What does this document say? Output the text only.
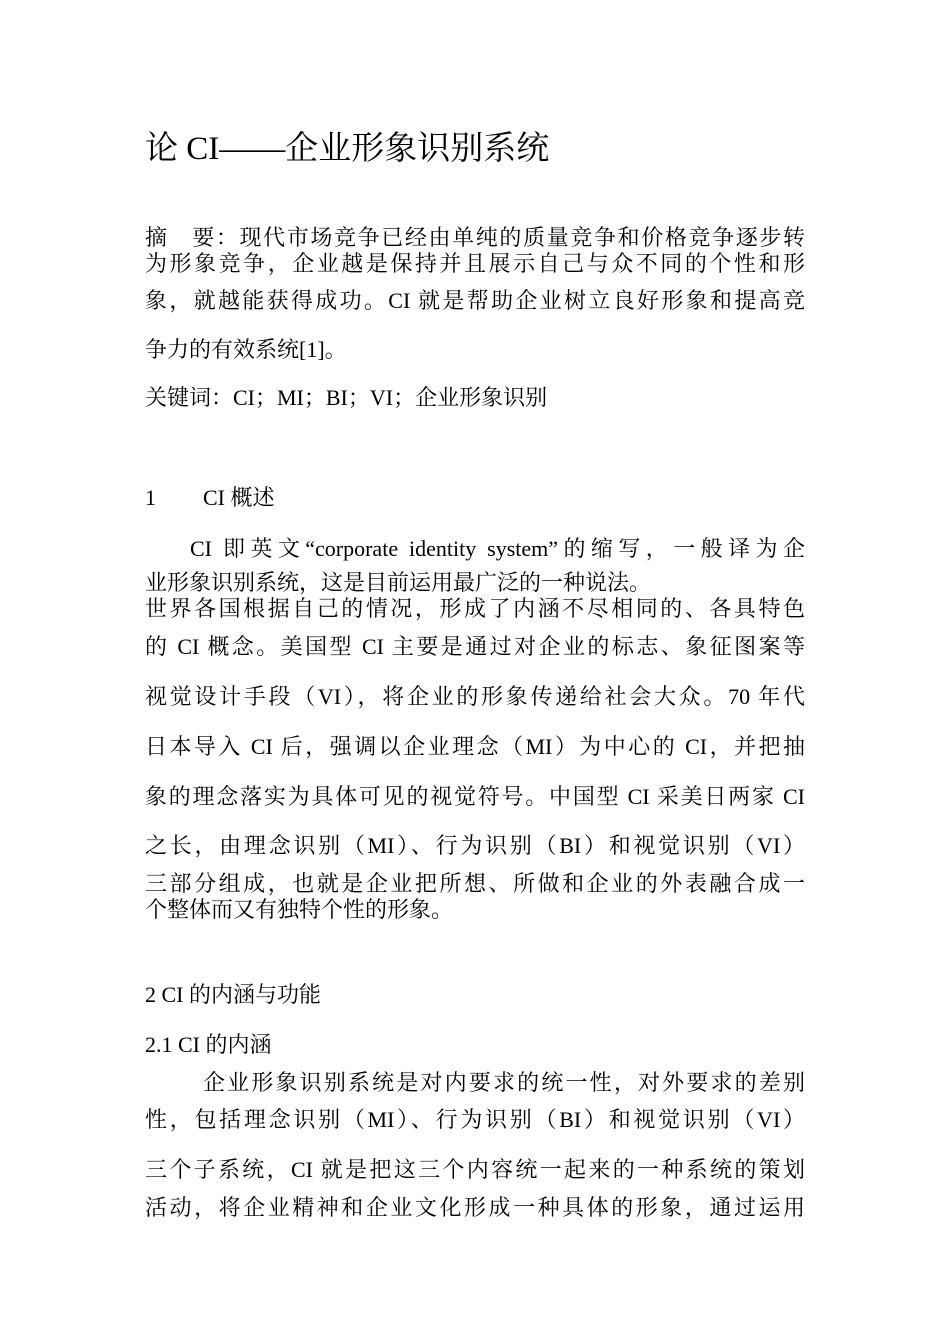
论 CI——企业形象识别系统
摘　要：现代市场竞争已经由单纯的质量竞争和价格竞争逐步转
为形象竞争，企业越是保持并且展示自己与众不同的个性和形
象，就越能获得成功。CI 就是帮助企业树立良好形象和提高竞
争力的有效系统[1]。
关键词：CI；MI；BI；VI；企业形象识别
1 CI 概述
CI 即英文“corporate identity system”的缩写，一般译为企
业形象识别系统，这是目前运用最广泛的一种说法。
世界各国根据自己的情况，形成了内涵不尽相同的、各具特色
的 CI 概念。美国型 CI 主要是通过对企业的标志、象征图案等
视觉设计手段（VI），将企业的形象传递给社会大众。70 年代
日本导入 CI 后，强调以企业理念（MI）为中心的 CI，并把抽
象的理念落实为具体可见的视觉符号。中国型 CI 采美日两家 CI
之长，由理念识别（MI）、行为识别（BI）和视觉识别（VI）
三部分组成，也就是企业把所想、所做和企业的外表融合成一
个整体而又有独特个性的形象。
2 CI 的内涵与功能
2.1 CI 的内涵
企业形象识别系统是对内要求的统一性，对外要求的差别
性，包括理念识别（MI）、行为识别（BI）和视觉识别（VI）
三个子系统，CI 就是把这三个内容统一起来的一种系统的策划
活动，将企业精神和企业文化形成一种具体的形象，通过运用
